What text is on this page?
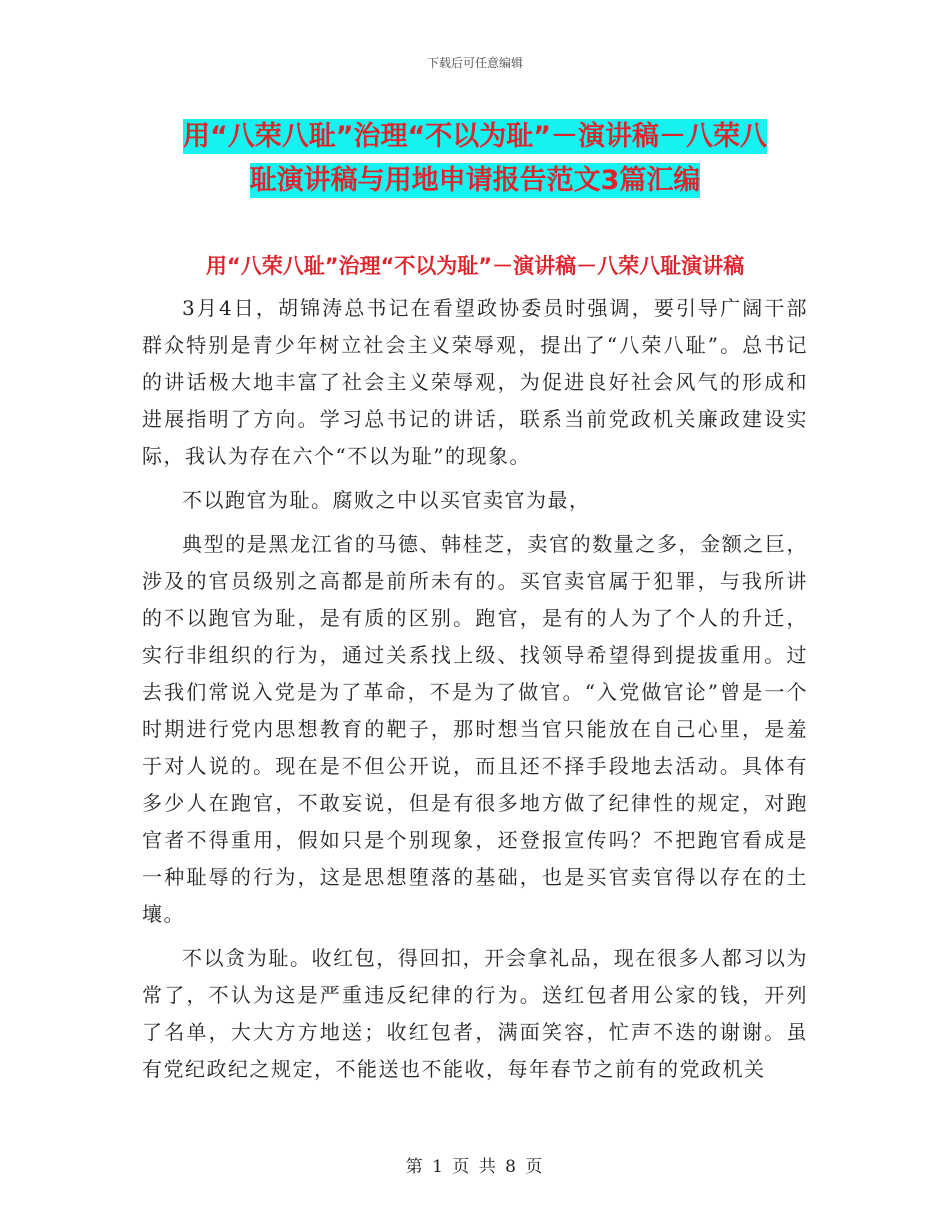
下载后可任意编辑
用“八荣八耻”治理“不以为耻”－演讲稿－八荣八
耻演讲稿与用地申请报告范文3篇汇编
用“八荣八耻”治理“不以为耻”－演讲稿－八荣八耻演讲稿

3月4日，胡锦涛总书记在看望政协委员时强调，要引导广阔干部群众特别是青少年树立社会主义荣辱观，提出了“八荣八耻”。总书记的讲话极大地丰富了社会主义荣辱观，为促进良好社会风气的形成和进展指明了方向。学习总书记的讲话，联系当前党政机关廉政建设实际，我认为存在六个“不以为耻”的现象。

不以跑官为耻。腐败之中以买官卖官为最，

典型的是黑龙江省的马德、韩桂芝，卖官的数量之多，金额之巨，涉及的官员级别之高都是前所未有的。买官卖官属于犯罪，与我所讲的不以跑官为耻，是有质的区别。跑官，是有的人为了个人的升迁，实行非组织的行为，通过关系找上级、找领导希望得到提拔重用。过去我们常说入党是为了革命，不是为了做官。“入党做官论”曾是一个时期进行党内思想教育的靶子，那时想当官只能放在自己心里，是羞于对人说的。现在是不但公开说，而且还不择手段地去活动。具体有多少人在跑官，不敢妄说，但是有很多地方做了纪律性的规定，对跑官者不得重用，假如只是个别现象，还登报宣传吗？不把跑官看成是一种耻辱的行为，这是思想堕落的基础，也是买官卖官得以存在的土壤。

不以贪为耻。收红包，得回扣，开会拿礼品，现在很多人都习以为常了，不认为这是严重违反纪律的行为。送红包者用公家的钱，开列了名单，大大方方地送；收红包者，满面笑容，忙声不迭的谢谢。虽有党纪政纪之规定，不能送也不能收，每年春节之前有的党政机关

第 1 页 共 8 页
